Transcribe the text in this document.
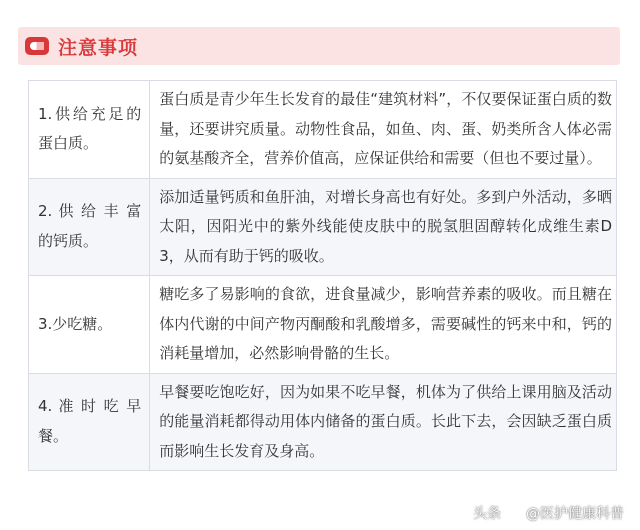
注意事项
1.供给充足的蛋白质。	蛋白质是青少年生长发育的最佳“建筑材料”，不仅要保证蛋白质的数量，还要讲究质量。动物性食品，如鱼、肉、蛋、奶类所含人体必需的氨基酸齐全，营养价值高，应保证供给和需要（但也不要过量）。
2. 供 给 丰 富的钙质。	添加适量钙质和鱼肝油，对增长身高也有好处。多到户外活动，多晒太阳，因阳光中的紫外线能使皮肤中的脱氢胆固醇转化成维生素D3，从而有助于钙的吸收。
3.少吃糖。	糖吃多了易影响的食欲，进食量减少，影响营养素的吸收。而且糖在体内代谢的中间产物丙酮酸和乳酸增多，需要碱性的钙来中和，钙的消耗量增加，必然影响骨骼的生长。
4. 准 时 吃 早餐。	早餐要吃饱吃好，因为如果不吃早餐，机体为了供给上课用脑及活动的能量消耗都得动用体内储备的蛋白质。长此下去，会因缺乏蛋白质而影响生长发育及身高。
头条 @医护健康科普
